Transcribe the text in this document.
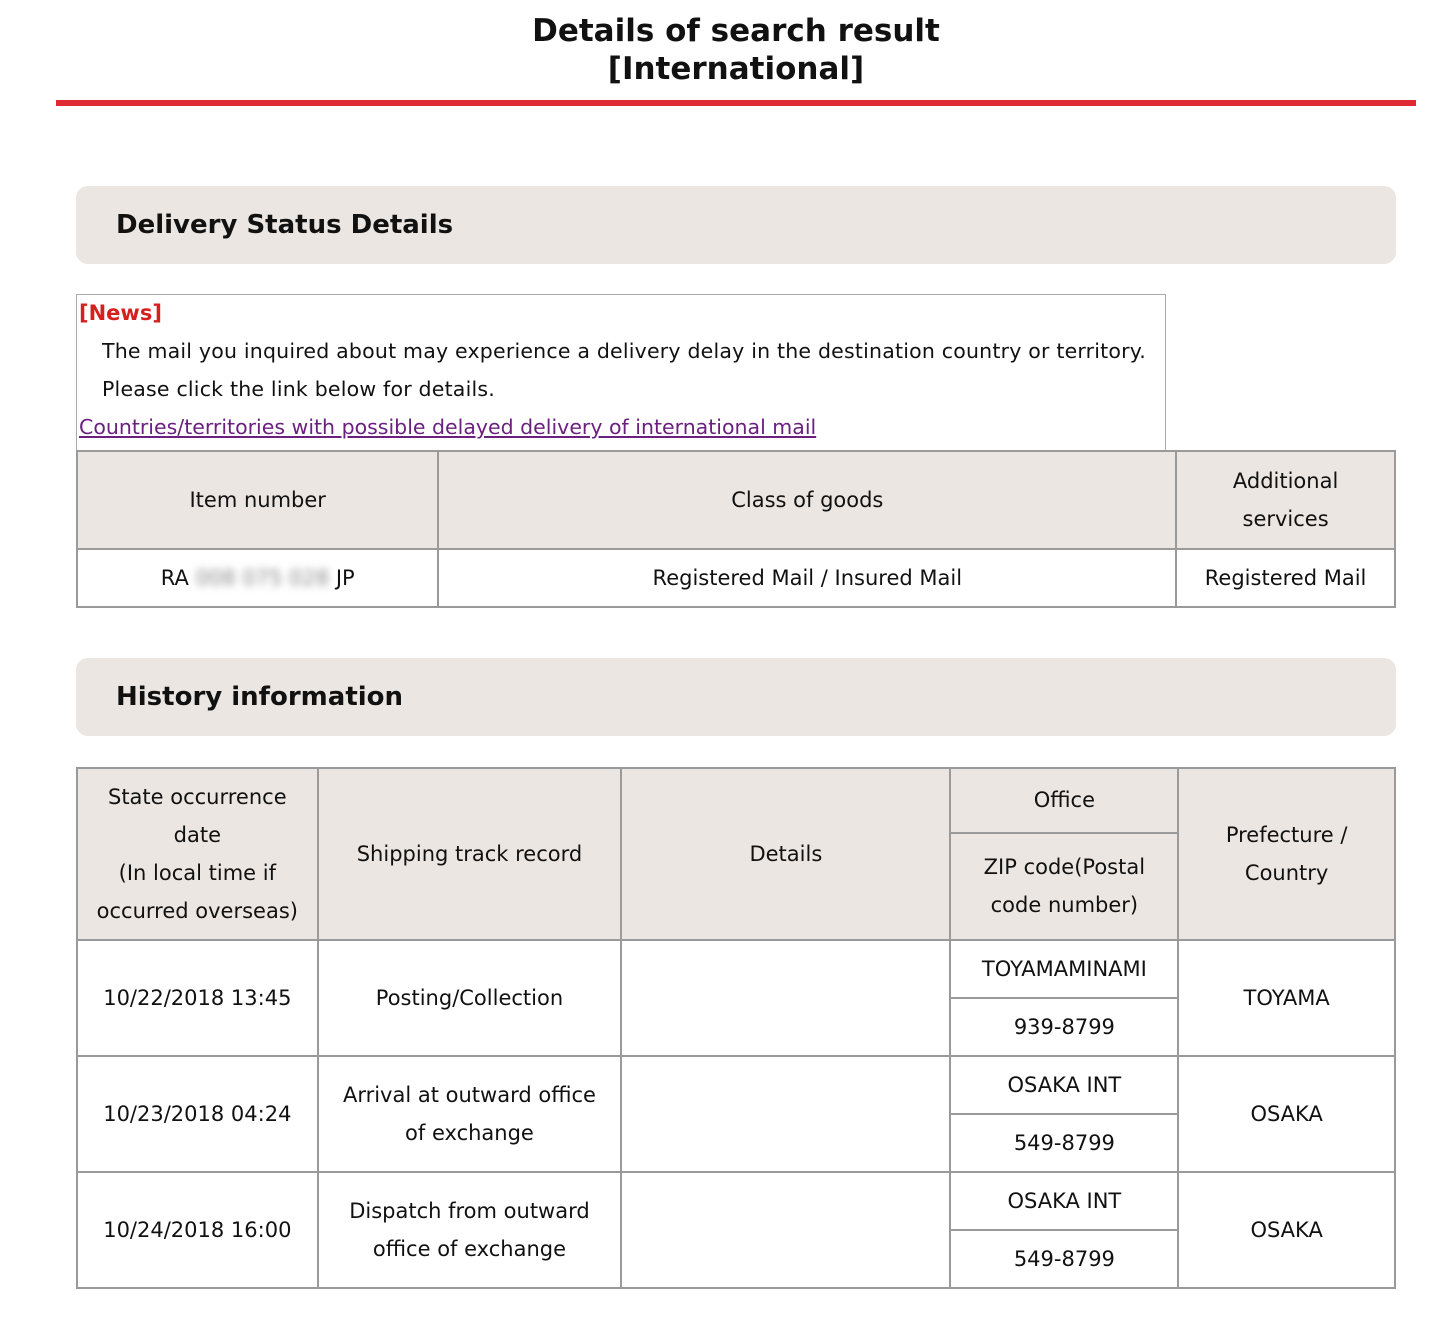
Details of search result
[International]
Delivery Status Details
[News]
The mail you inquired about may experience a delivery delay in the destination country or territory.
Please click the link below for details.
Countries/territories with possible delayed delivery of international mail
Item number	Class of goods	Additional
services
RA 008 075 028 JP	Registered Mail / Insured Mail	Registered Mail
History information
State occurrence
date
(In local time if
occurred overseas)	Shipping track record	Details	Office	Prefecture /
Country
			ZIP code(Postal
code number)	
10/22/2018 13:45	Posting/Collection		TOYAMAMINAMI	TOYAMA
			939-8799	
10/23/2018 04:24	Arrival at outward office
of exchange		OSAKA INT	OSAKA
			549-8799	
10/24/2018 16:00	Dispatch from outward
office of exchange		OSAKA INT	OSAKA
			549-8799	
